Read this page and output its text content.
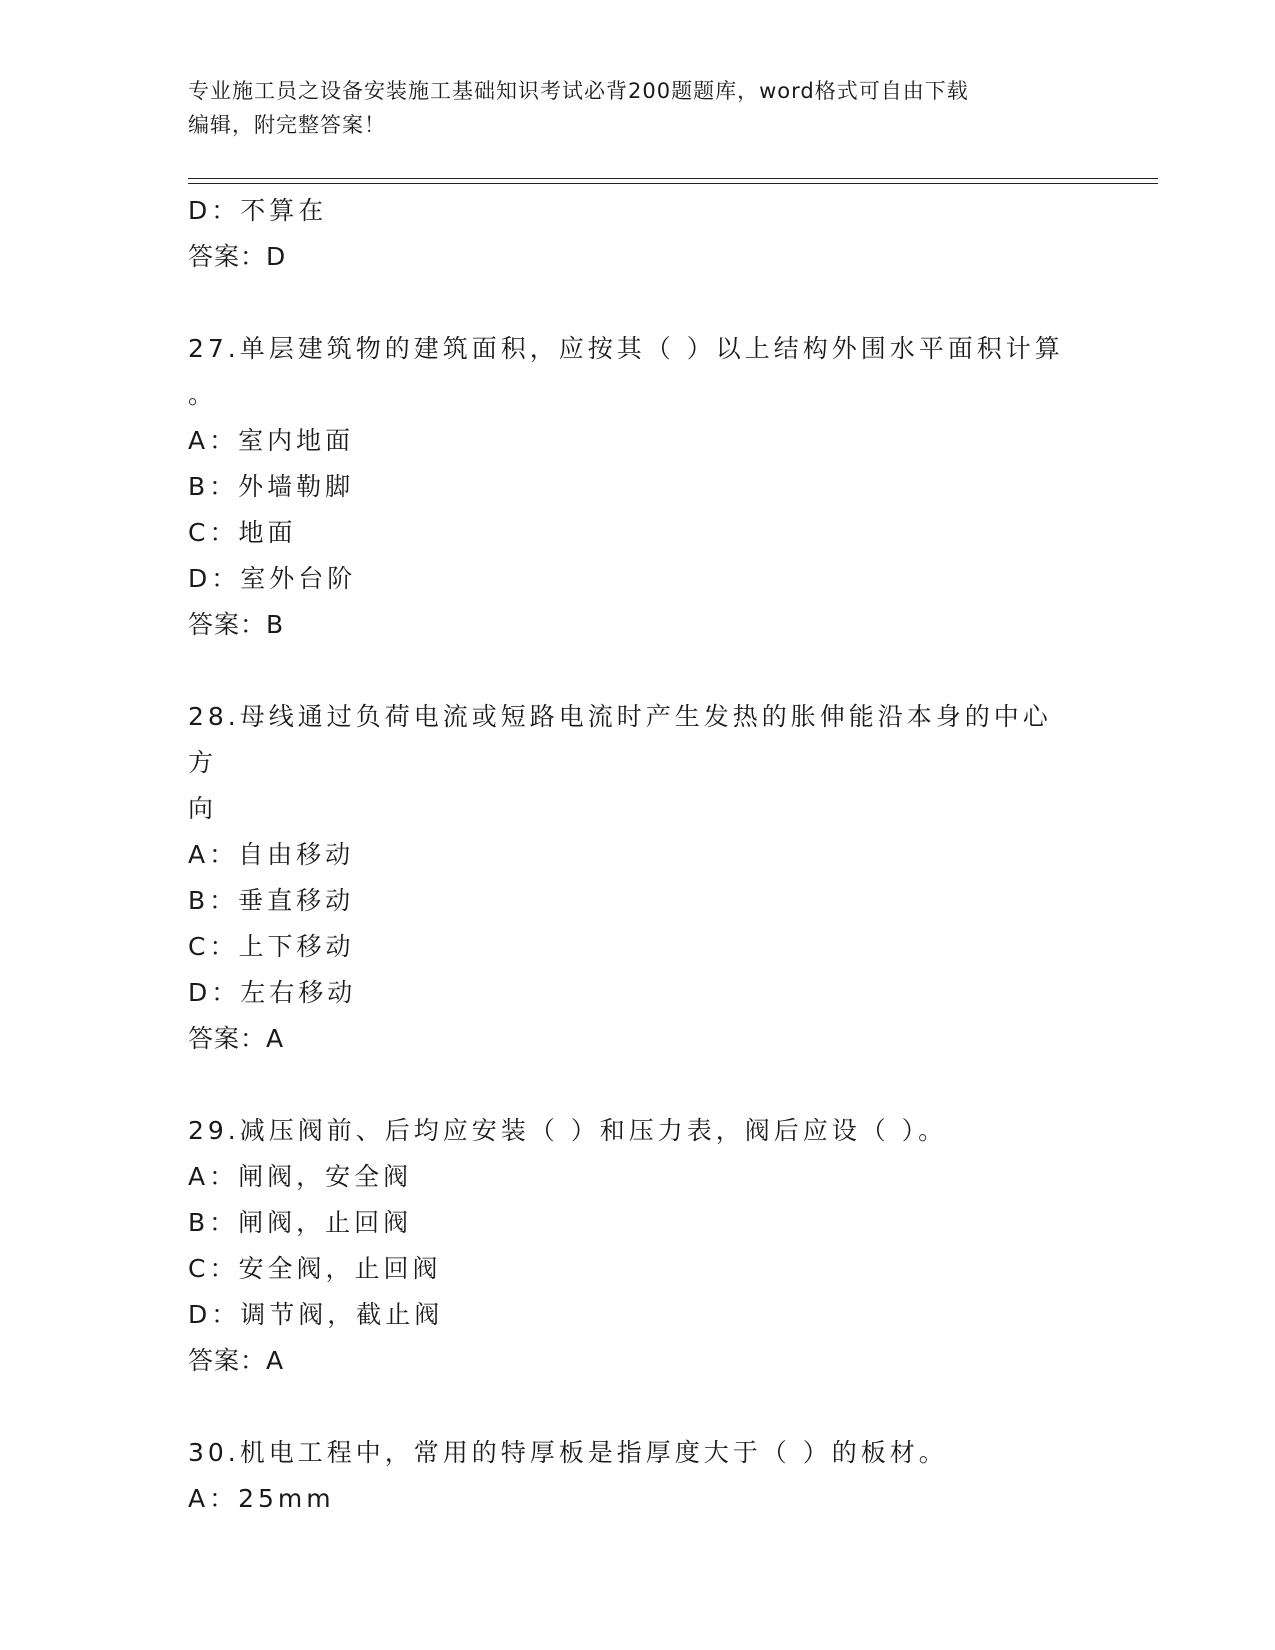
专业施工员之设备安装施工基础知识考试必背200题题库，word格式可自由下载
编辑，附完整答案！
D：不算在
答案：D
27.单层建筑物的建筑面积，应按其（ ）以上结构外围水平面积计算
。
A：室内地面
B：外墙勒脚
C：地面
D：室外台阶
答案：B
28.母线通过负荷电流或短路电流时产生发热的胀伸能沿本身的中心方
向
A：自由移动
B：垂直移动
C：上下移动
D：左右移动
答案：A
29.减压阀前、后均应安装（ ）和压力表，阀后应设（ ）。
A：闸阀，安全阀
B：闸阀，止回阀
C：安全阀，止回阀
D：调节阀，截止阀
答案：A
30.机电工程中，常用的特厚板是指厚度大于（ ）的板材。
A：25mm
